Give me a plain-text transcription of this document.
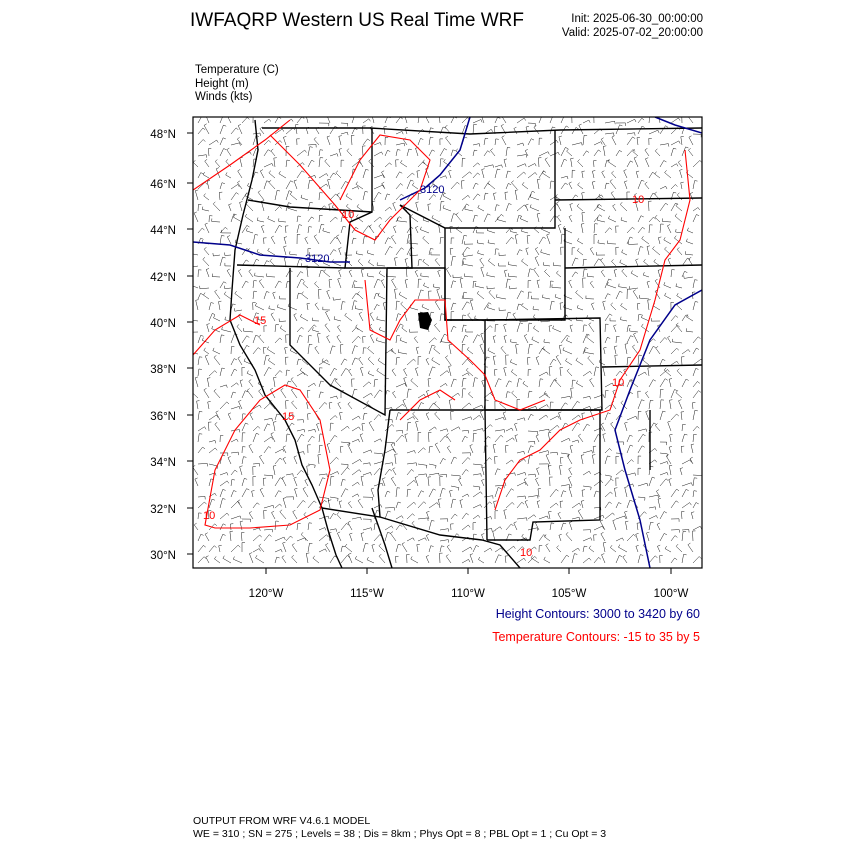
IWFAQRP Western US Real Time WRF	Init: 2025-06-30_00:00:00
Valid: 2025-07-02_20:00:00
Temperature (C)
Height (m)
Winds (kts)
3120
3120
10
10
15
15
10
10
10
48°N
46°N
44°N
42°N
40°N
38°N
36°N
34°N
32°N
30°N
120°W	115°W	110°W	105°W	100°W
Height Contours: 3000 to 3420 by 60
Temperature Contours: -15 to 35 by 5
OUTPUT FROM WRF V4.6.1 MODEL
WE = 310 ; SN = 275 ; Levels = 38 ; Dis = 8km ; Phys Opt = 8 ; PBL Opt = 1 ; Cu Opt = 3
